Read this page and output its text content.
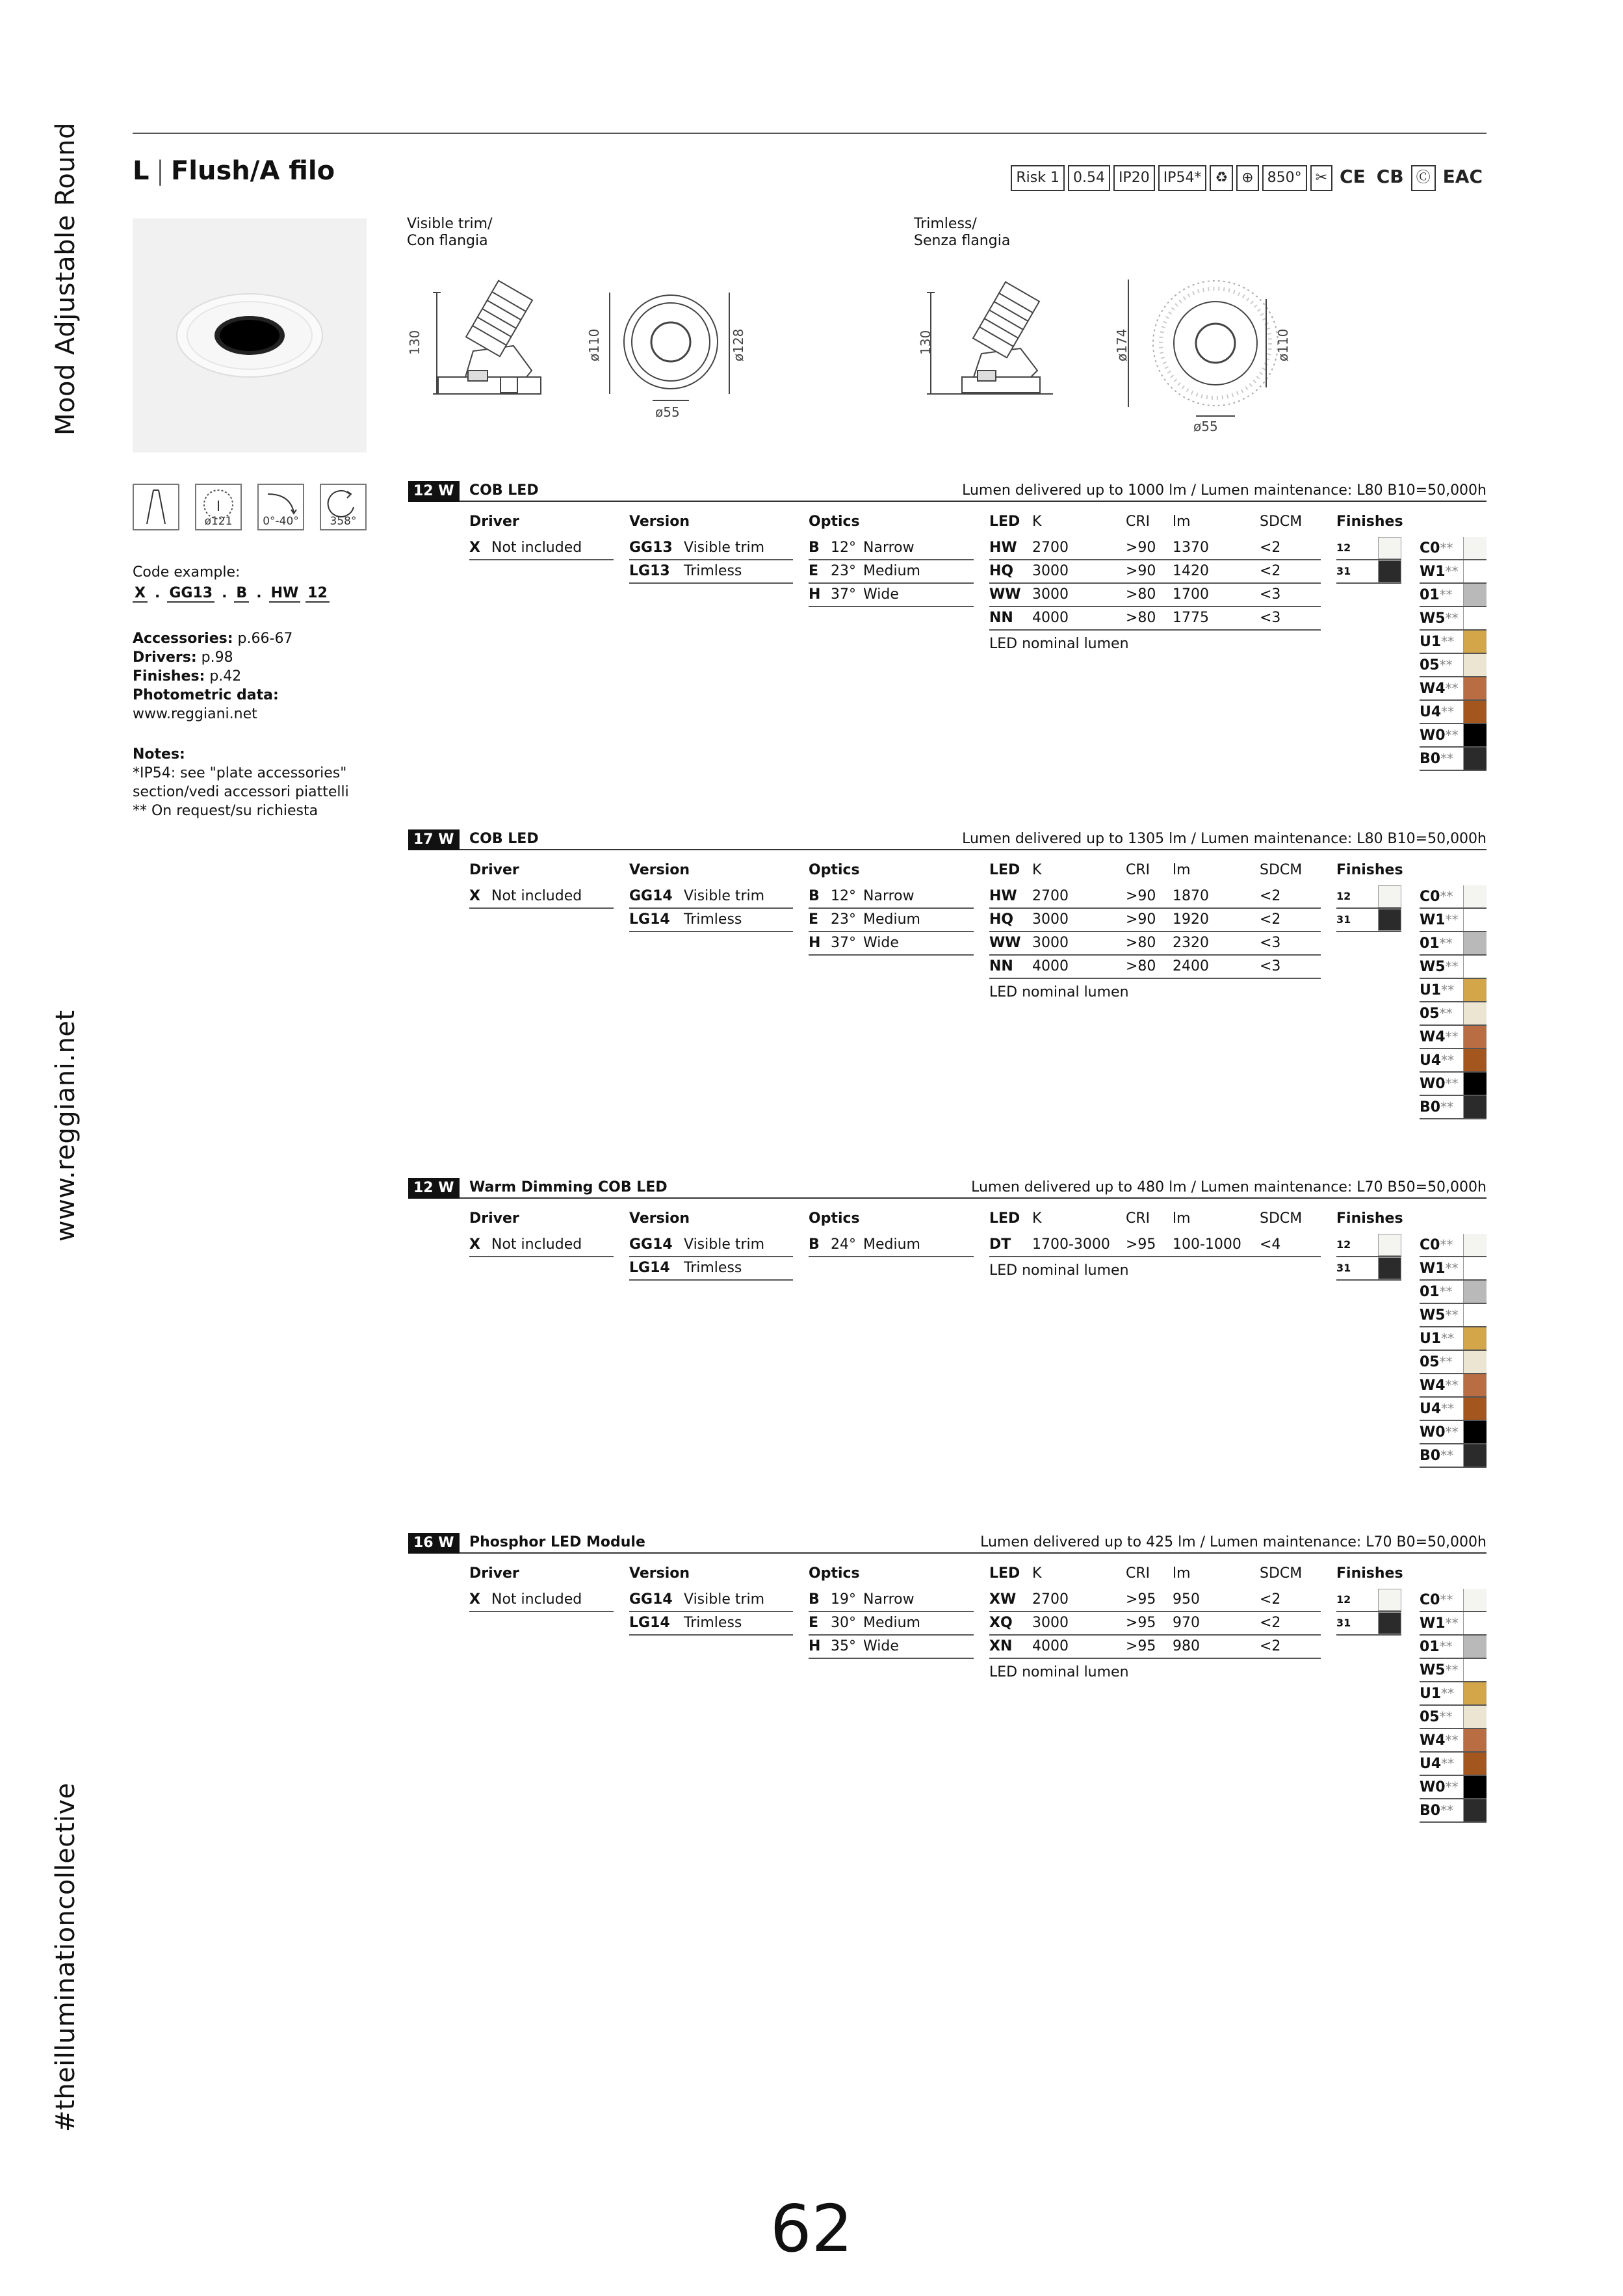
Mood Adjustable Round
www.reggiani.net
#theilluminationcollective
L | Flush/A filo	Risk 1 0.54 IP20 IP54* ♻ ⊕ 850° ✂ CE CB Ⓒ EAC
Visible trim/
Con flangia
Trimless/
Senza flangia
130	ø110	ø128
ø55
130	ø174	ø110
ø55
ø121	0°-40°	358°
Code example:
X . GG13 . B . HW 12
Accessories: p.66-67
Drivers: p.98
Finishes: p.42
Photometric data:
www.reggiani.net
Notes:
*IP54: see "plate accessories"
section/vedi accessori piattelli
** On request/su richiesta
12 W	COB LED	Lumen delivered up to 1000 lm / Lumen maintenance: L80 B10=50,000h
Driver
X Not included
Version
GG13 Visible trim
LG13 Trimless
Optics
B 12° Narrow
E 23° Medium
H 37° Wide
LED K	CRI	lm	SDCM
HW	2700	>90	1370	<2
HQ	3000	>90	1420	<2
WW 3000	>80	1700	<3
NN	4000	>80	1775	<3
LED nominal lumen
Finishes
12
31
C0**
W1**
01**
W5**
U1**
05**
W4**
U4**
W0**
B0**
17 W	COB LED	Lumen delivered up to 1305 lm / Lumen maintenance: L80 B10=50,000h
Driver
X Not included
Version
GG14 Visible trim
LG14 Trimless
Optics
B 12° Narrow
E 23° Medium
H 37° Wide
LED K	CRI	lm	SDCM
HW	2700	>90	1870	<2
HQ	3000	>90	1920	<2
WW 3000	>80	2320	<3
NN	4000	>80	2400	<3
LED nominal lumen
Finishes
12
31
C0**
W1**
01**
W5**
U1**
05**
W4**
U4**
W0**
B0**
12 W	Warm Dimming COB LED	Lumen delivered up to 480 lm / Lumen maintenance: L70 B50=50,000h
Driver
X Not included
Version
GG14 Visible trim
LG14 Trimless
Optics
B 24° Medium
LED K	CRI	lm	SDCM
DT	1700-3000	>95	100-1000	<4
LED nominal lumen
Finishes
12
31
C0**
W1**
01**
W5**
U1**
05**
W4**
U4**
W0**
B0**
16 W	Phosphor LED Module	Lumen delivered up to 425 lm / Lumen maintenance: L70 B0=50,000h
Driver
X Not included
Version
GG14 Visible trim
LG14 Trimless
Optics
B 19° Narrow
E 30° Medium
H 35° Wide
LED K	CRI	lm	SDCM
XW	2700	>95	950	<2
XQ	3000	>95	970	<2
XN	4000	>95	980	<2
LED nominal lumen
Finishes
12
31
C0**
W1**
01**
W5**
U1**
05**
W4**
U4**
W0**
B0**
62
